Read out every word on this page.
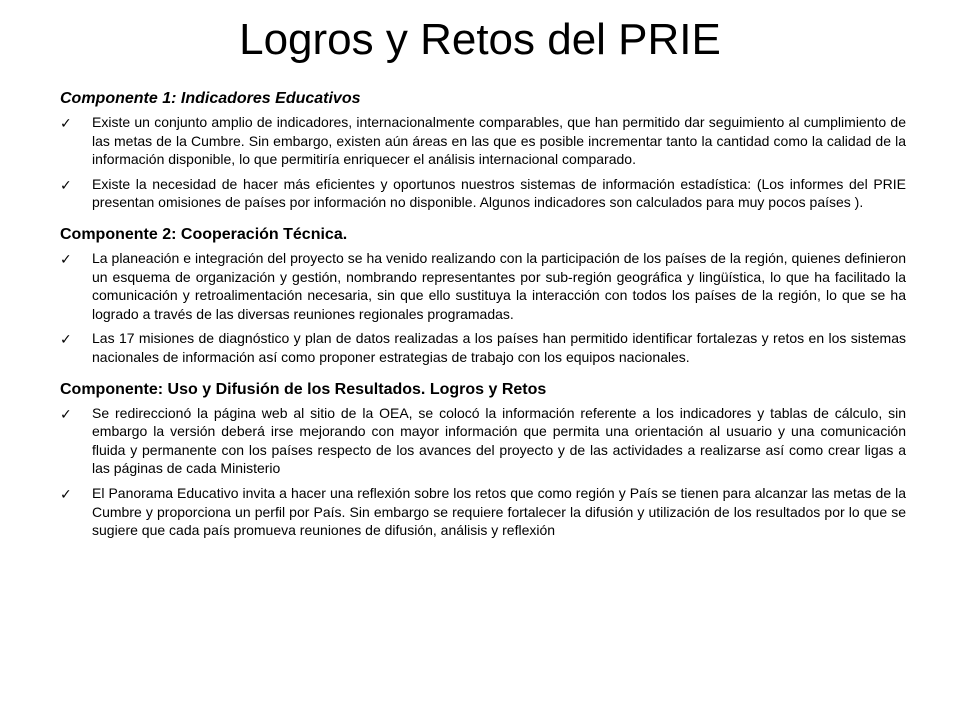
Logros y Retos del PRIE
Componente 1: Indicadores Educativos
✓ Existe un conjunto amplio de indicadores, internacionalmente comparables, que han permitido dar seguimiento al cumplimiento de las metas de la Cumbre. Sin embargo, existen aún áreas en las que es posible incrementar tanto la cantidad como la calidad de la información disponible, lo que permitiría enriquecer el análisis internacional comparado.
✓ Existe la necesidad de hacer más eficientes y oportunos nuestros sistemas de información estadística: (Los informes del PRIE presentan omisiones de países por información no disponible. Algunos indicadores son calculados para muy pocos países ).
Componente 2: Cooperación Técnica.
✓ La planeación e integración del proyecto se ha venido realizando con la participación de los países de la región, quienes definieron un esquema de organización y gestión, nombrando representantes por sub-región geográfica y lingüística, lo que ha facilitado la comunicación y retroalimentación necesaria, sin que ello sustituya la interacción con todos los países de la región, lo que se ha logrado a través de las diversas reuniones regionales programadas.
✓ Las 17 misiones de diagnóstico y plan de datos realizadas a los países han permitido identificar fortalezas y retos en los sistemas nacionales de información así como proponer estrategias de trabajo con los equipos nacionales.
Componente: Uso y Difusión de los Resultados. Logros y Retos
✓ Se redireccionó la página web al sitio de la OEA, se colocó la información referente a los indicadores y tablas de cálculo, sin embargo la versión deberá irse mejorando con mayor información que permita una orientación al usuario y una comunicación fluida y permanente con los países respecto de los avances del proyecto y de las actividades a realizarse así como crear ligas a las páginas de cada Ministerio
✓ El Panorama Educativo invita a hacer una reflexión sobre los retos que como región y País se tienen para alcanzar las metas de la Cumbre y proporciona un perfil por País. Sin embargo se requiere fortalecer la difusión y utilización de los resultados por lo que se sugiere que cada país promueva reuniones de difusión, análisis y reflexión
